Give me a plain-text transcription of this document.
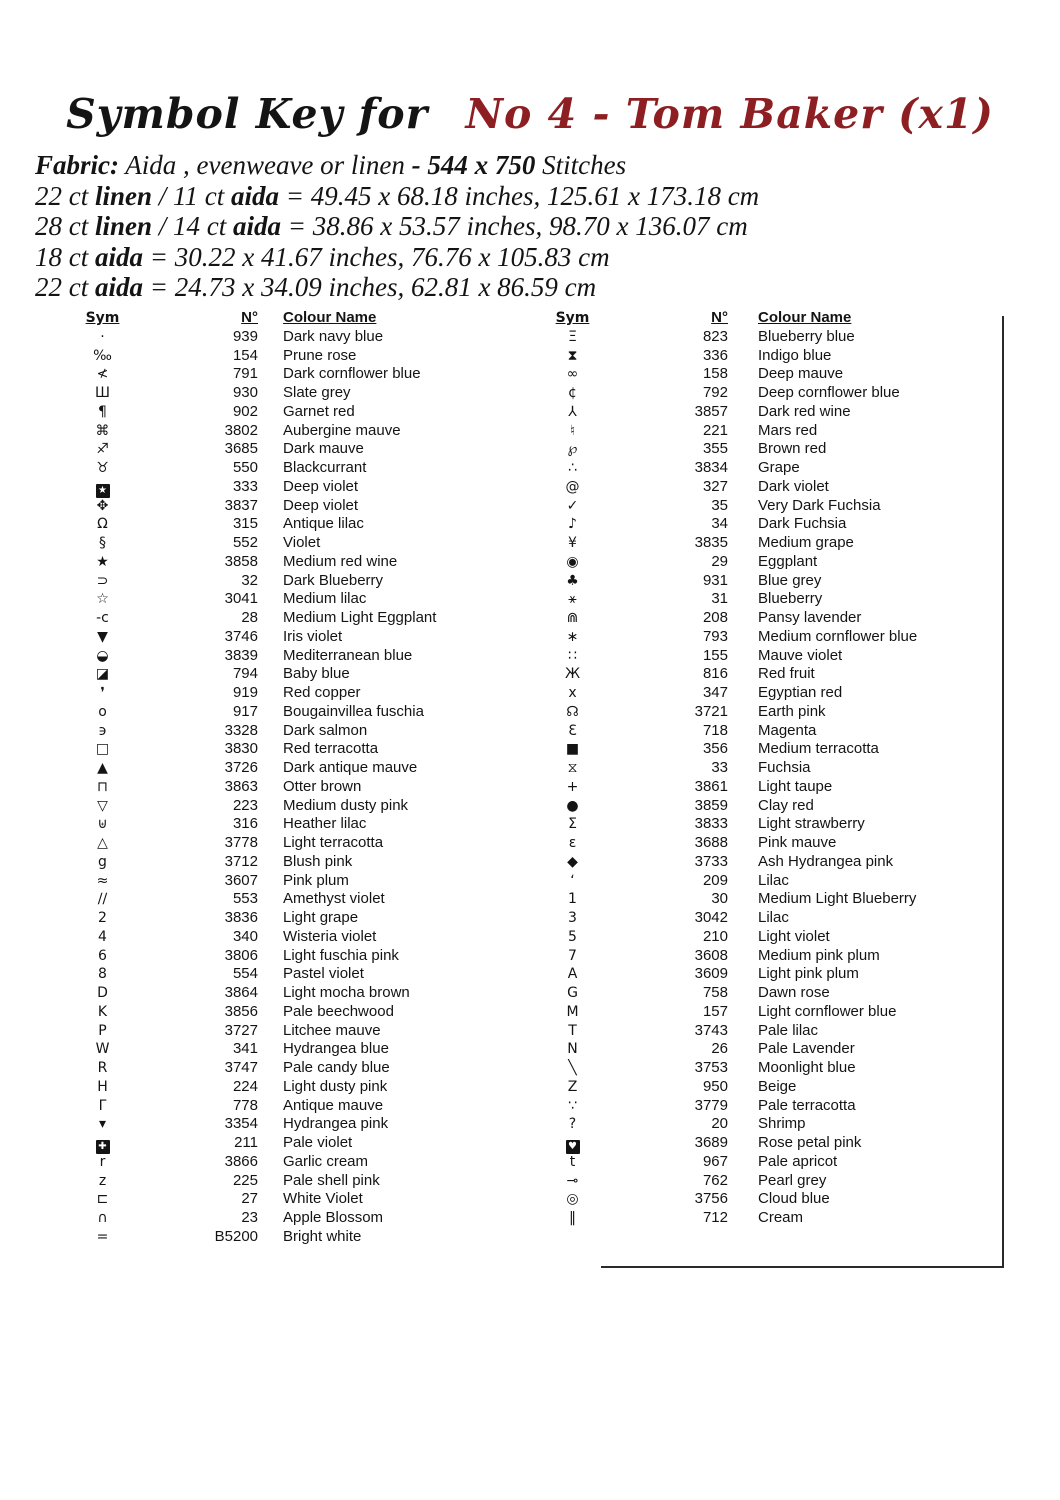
Symbol Key for No 4 - Tom Baker (x1)
Fabric: Aida , evenweave or linen - 544 x 750 Stitches
22 ct linen / 11 ct aida = 49.45 x 68.18 inches, 125.61 x 173.18 cm
28 ct linen / 14 ct aida = 38.86 x 53.57 inches, 98.70 x 136.07 cm
18 ct aida = 30.22 x 41.67 inches, 76.76 x 105.83 cm
22 ct aida = 24.73 x 34.09 inches, 62.81 x 86.59 cm
Sym	N°	Colour Name
·	939	Dark navy blue
‰	154	Prune rose
≮	791	Dark cornflower blue
Ш	930	Slate grey
¶	902	Garnet red
⌘	3802	Aubergine mauve
♐	3685	Dark mauve
♉	550	Blackcurrant
★	333	Deep violet
✥	3837	Deep violet
Ω	315	Antique lilac
§	552	Violet
★	3858	Medium red wine
⊃	32	Dark Blueberry
☆	3041	Medium lilac
-c	28	Medium Light Eggplant
▼	3746	Iris violet
◒	3839	Mediterranean blue
◪	794	Baby blue
❜	919	Red copper
o	917	Bougainvillea fuschia
϶	3328	Dark salmon
□	3830	Red terracotta
▲	3726	Dark antique mauve
⊓	3863	Otter brown
▽	223	Medium dusty pink
⊎	316	Heather lilac
△	3778	Light terracotta
g	3712	Blush pink
≈	3607	Pink plum
∕∕	553	Amethyst violet
2	3836	Light grape
4	340	Wisteria violet
6	3806	Light fuschia pink
8	554	Pastel violet
D	3864	Light mocha brown
K	3856	Pale beechwood
P	3727	Litchee mauve
W	341	Hydrangea blue
R	3747	Pale candy blue
H	224	Light dusty pink
Γ	778	Antique mauve
▾	3354	Hydrangea pink
✚	211	Pale violet
r	3866	Garlic cream
z	225	Pale shell pink
⊏	27	White Violet
∩	23	Apple Blossom
=	B5200	Bright white
Sym	N°	Colour Name
Ξ	823	Blueberry blue
⧗	336	Indigo blue
∞	158	Deep mauve
¢	792	Deep cornflower blue
⅄	3857	Dark red wine
♮	221	Mars red
℘	355	Brown red
∴	3834	Grape
@	327	Dark violet
✓	35	Very Dark Fuchsia
♪	34	Dark Fuchsia
¥	3835	Medium grape
◉	29	Eggplant
♣	931	Blue grey
⚹	31	Blueberry
⋒	208	Pansy lavender
∗	793	Medium cornflower blue
∷	155	Mauve violet
Ж	816	Red fruit
x	347	Egyptian red
☊	3721	Earth pink
Ɛ	718	Magenta
■	356	Medium terracotta
⧖	33	Fuchsia
+	3861	Light taupe
●	3859	Clay red
Σ	3833	Light strawberry
ε	3688	Pink mauve
◆	3733	Ash Hydrangea pink
ʻ	209	Lilac
1	30	Medium Light Blueberry
3	3042	Lilac
5	210	Light violet
7	3608	Medium pink plum
A	3609	Light pink plum
G	758	Dawn rose
M	157	Light cornflower blue
T	3743	Pale lilac
N	26	Pale Lavender
╲	3753	Moonlight blue
Z	950	Beige
∵	3779	Pale terracotta
?	20	Shrimp
♥	3689	Rose petal pink
t	967	Pale apricot
⊸	762	Pearl grey
◎	3756	Cloud blue
‖	712	Cream
